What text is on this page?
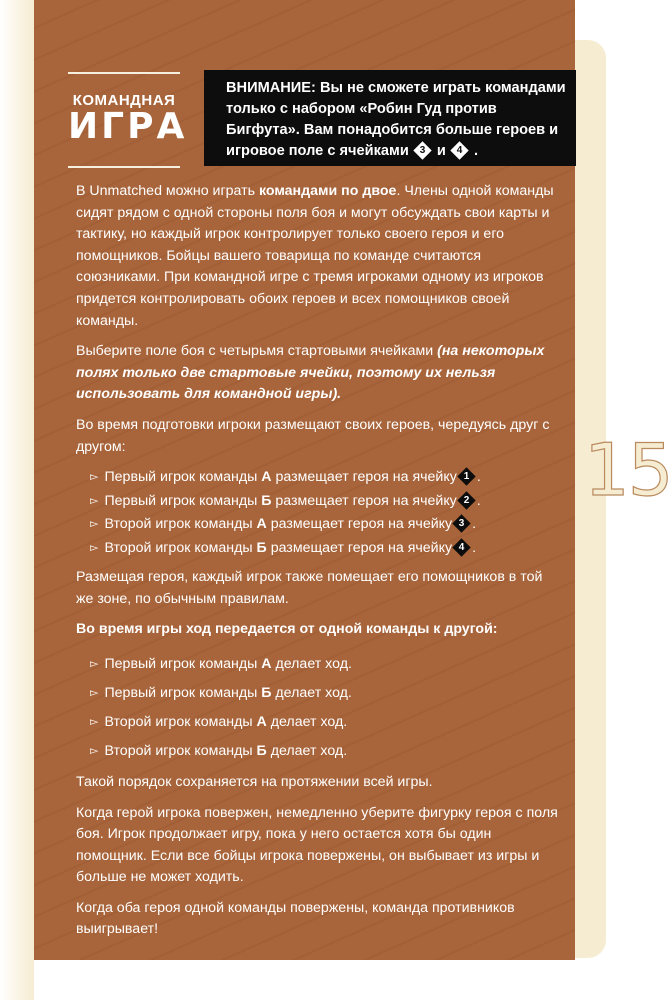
КОМАНДНАЯ
ИГРА
ВНИМАНИЕ: Вы не сможете играть командами только с набором «Робин Гуд против Бигфута». Вам понадобится больше героев и игровое поле с ячейками	3 и	4 .

В Unmatched можно играть командами по двое. Члены одной команды сидят рядом с одной стороны поля боя и могут обсуждать свои карты и тактику, но каждый игрок контролирует только своего героя и его помощников. Бойцы вашего товарища по команде считаются союзниками. При командной игре с тремя игроками одному из игроков придется контролировать обоих героев и всех помощников своей команды.

Выберите поле боя с четырьмя стартовыми ячейками (на некоторых полях только две стартовые ячейки, поэтому их нельзя использовать для командной игры).

Во время подготовки игроки размещают своих героев, чередуясь друг с другом:

▻ Первый игрок команды А размещает героя на ячейку 1 .
▻ Первый игрок команды Б размещает героя на ячейку 2 .
▻ Второй игрок команды А размещает героя на ячейку 3 .
▻ Второй игрок команды Б размещает героя на ячейку 4 .

Размещая героя, каждый игрок также помещает его помощников в той же зоне, по обычным правилам.

Во время игры ход передается от одной команды к другой:

▻ Первый игрок команды А делает ход.
▻ Первый игрок команды Б делает ход.
▻ Второй игрок команды А делает ход.
▻ Второй игрок команды Б делает ход.

Такой порядок сохраняется на протяжении всей игры.

Когда герой игрока повержен, немедленно уберите фигурку героя с поля боя. Игрок продолжает игру, пока у него остается хотя бы один помощник. Если все бойцы игрока повержены, он выбывает из игры и больше не может ходить.

Когда оба героя одной команды повержены, команда противников выигрывает!

15
